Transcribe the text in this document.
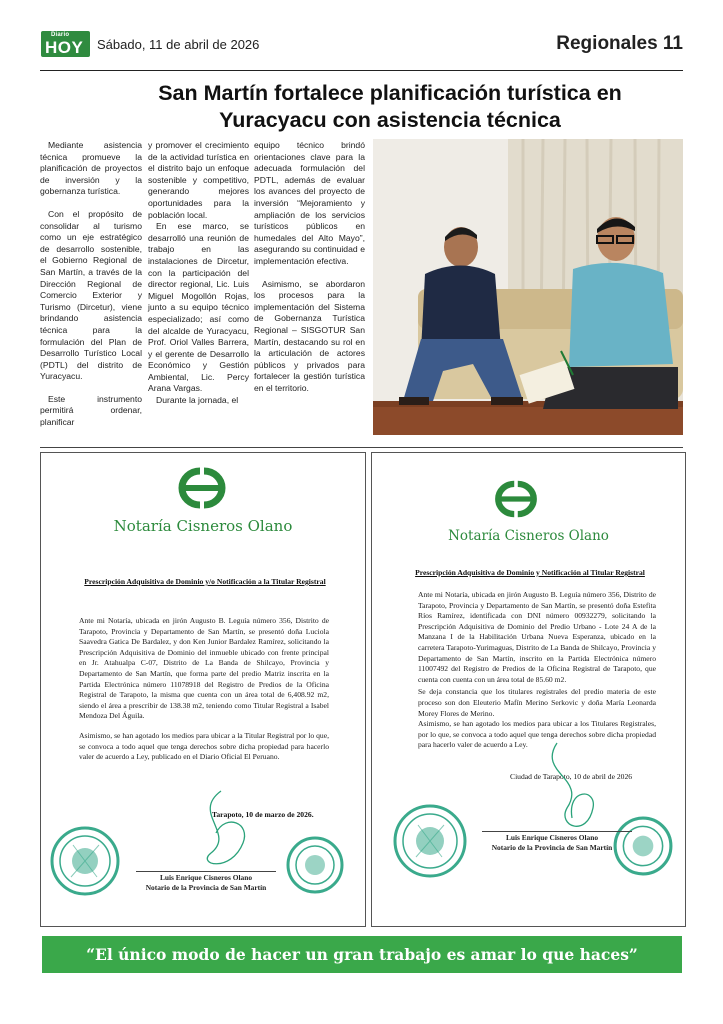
Diario
HOY Sábado, 11 de abril de 2026	Regionales 11
San Martín fortalece planificación turística en Yuracyacu con asistencia técnica

Mediante asistencia técnica promueve la planificación de proyectos de inversión y la gobernanza turística.

Con el propósito de consolidar al turismo como un eje estratégico de desarrollo sostenible, el Gobierno Regional de San Martín, a través de la Dirección Regional de Comercio Exterior y Turismo (Dircetur), viene brindando asistencia técnica para la formulación del Plan de Desarrollo Turístico Local (PDTL) del distrito de Yuracyacu.

Este instrumento permitirá ordenar, planificar

y promover el crecimiento de la actividad turística en el distrito bajo un enfoque sostenible y competitivo, generando mejores oportunidades para la población local.

En ese marco, se desarrolló una reunión de trabajo en las instalaciones de Dircetur, con la participación del director regional, Lic. Luis Miguel Mogollón Rojas, junto a su equipo técnico especializado; así como del alcalde de Yuracyacu, Prof. Oriol Valles Barrera, y el gerente de Desarrollo Económico y Gestión Ambiental, Lic. Percy Arana Vargas.

Durante la jornada, el

equipo técnico brindó orientaciones clave para la adecuada formulación del PDTL, además de evaluar los avances del proyecto de inversión “Mejoramiento y ampliación de los servicios turísticos públicos en humedales del Alto Mayo”, asegurando su continuidad e implementación efectiva.

Asimismo, se abordaron los procesos para la implementación del Sistema de Gobernanza Turística Regional – SISGOTUR San Martín, destacando su rol en la articulación de actores públicos y privados para fortalecer la gestión turística en el territorio.

Notaría Cisneros Olano
Prescripción Adquisitiva de Dominio y/o Notificación a la Titular Registral

Ante mi Notaría, ubicada en jirón Augusto B. Leguía número 356, Distrito de Tarapoto, Provincia y Departamento de San Martín, se presentó doña Luciola Saavedra Gatica De Bardalez, y don Ken Junior Bardalez Ramírez, solicitando la Prescripción Adquisitiva de Dominio del inmueble ubicado con frente principal en Jr. Atahualpa C-07, Distrito de La Banda de Shilcayo, Provincia y Departamento de San Martín, que forma parte del predio Matriz inscrita en la Partida Electrónica número 11078918 del Registro de Predios de la Oficina Registral de Tarapoto, la misma que cuenta con un área total de 6,408.92 m2, siendo el área a prescribir de 138.38 m2, teniendo como Titular Registral a Isabel Mendoza Del Águila.

Asimismo, se han agotado los medios para ubicar a la Titular Registral por lo que, se convoca a todo aquel que tenga derechos sobre dicha propiedad para hacerlo valer de acuerdo a Ley, publicado en el Diario Oficial El Peruano.

Tarapoto, 10 de marzo de 2026.
Luis Enrique Cisneros Olano
Notario de la Provincia de San Martín
Notaría Cisneros Olano
Prescripción Adquisitiva de Dominio y Notificación al Titular Registral

Ante mi Notaría, ubicada en jirón Augusto B. Leguía número 356, Distrito de Tarapoto, Provincia y Departamento de San Martín, se presentó doña Estefita Ríos Ramírez, identificada con DNI número 00932279, solicitando la Prescripción Adquisitiva de Dominio del Predio Urbano - Lote 24 A de la Manzana I de la Habilitación Urbana Nueva Esperanza, ubicado en la carretera Tarapoto-Yurimaguas, Distrito de La Banda de Shilcayo, Provincia y Departamento de San Martín, inscrito en la Partida Electrónica número 11007492 del Registro de Predios de la Oficina Registral de Tarapoto, que cuenta con cuenta con un área total de 85.60 m2.

Se deja constancia que los titulares registrales del predio materia de este proceso son don Eleuterio Mafín Merino Serkovic y doña María Leonarda Morey Flores de Merino.

Asimismo, se han agotado los medios para ubicar a los Titulares Registrales, por lo que, se convoca a todo aquel que tenga derechos sobre dicha propiedad para hacerlo valer de acuerdo a Ley.

Ciudad de Tarapoto, 10 de abril de 2026
Luis Enrique Cisneros Olano
Notario de la Provincia de San Martín
“El único modo de hacer un gran trabajo es amar lo que haces”
